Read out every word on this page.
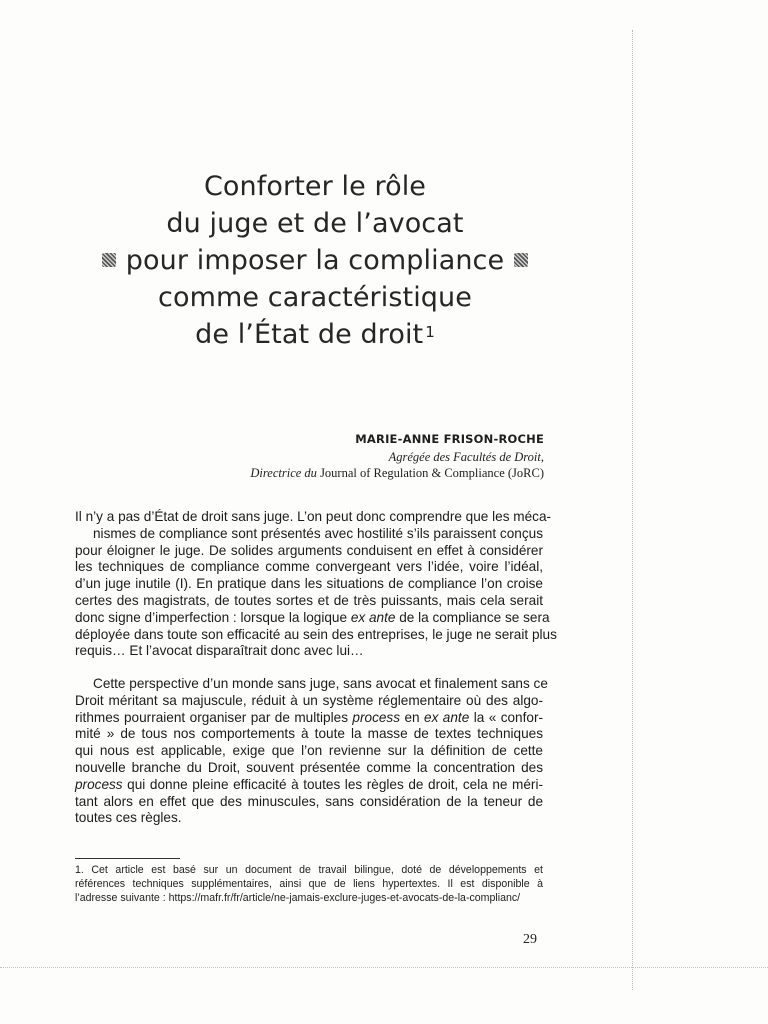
Conforter le rôle
du juge et de l’avocat
pour imposer la compliance
comme caractéristique
de l’État de droit $^1$
MARIE-ANNE FRISON-ROCHE
Agrégée des Facultés de Droit,
Directrice du Journal of Regulation & Compliance (JoRC)
Il n’y a pas d’État de droit sans juge. L’on peut donc comprendre que les méca-
nismes de compliance sont présentés avec hostilité s’ils paraissent conçus
pour éloigner le juge. De solides arguments conduisent en effet à considérer
les techniques de compliance comme convergeant vers l’idée, voire l’idéal,
d’un juge inutile (I). En pratique dans les situations de compliance l’on croise
certes des magistrats, de toutes sortes et de très puissants, mais cela serait
donc signe d’imperfection : lorsque la logique ex ante de la compliance se sera
déployée dans toute son efficacité au sein des entreprises, le juge ne serait plus
requis… Et l’avocat disparaîtrait donc avec lui…
Cette perspective d’un monde sans juge, sans avocat et finalement sans ce
Droit méritant sa majuscule, réduit à un système réglementaire où des algo-
rithmes pourraient organiser par de multiples process en ex ante la « confor-
mité » de tous nos comportements à toute la masse de textes techniques
qui nous est applicable, exige que l’on revienne sur la définition de cette
nouvelle branche du Droit, souvent présentée comme la concentration des
process qui donne pleine efficacité à toutes les règles de droit, cela ne méri-
tant alors en effet que des minuscules, sans considération de la teneur de
toutes ces règles.
1. Cet article est basé sur un document de travail bilingue, doté de développements et
références techniques supplémentaires, ainsi que de liens hypertextes. Il est disponible à
l’adresse suivante : https://mafr.fr/fr/article/ne-jamais-exclure-juges-et-avocats-de-la-complianc/
29
